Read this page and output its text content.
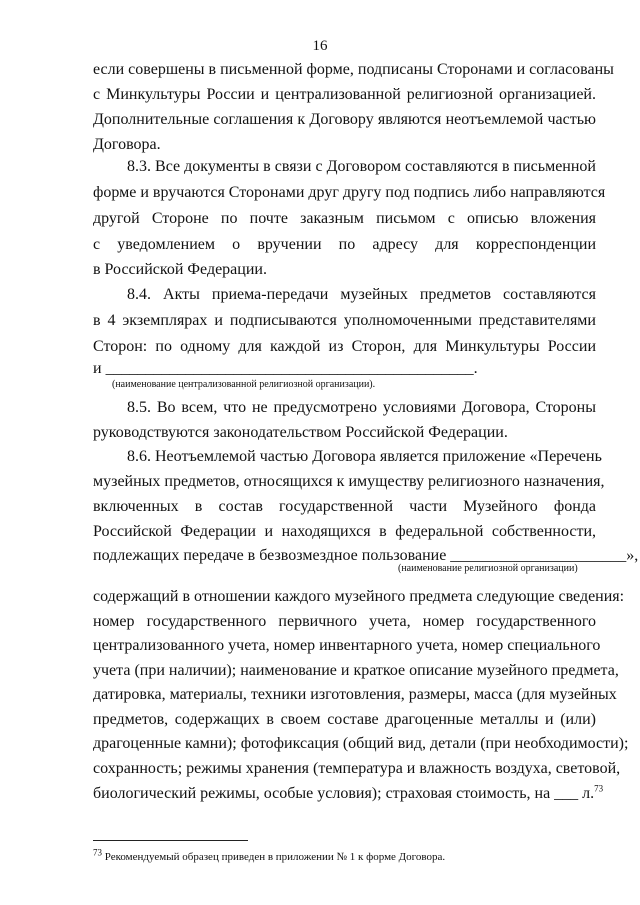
16
если совершены в письменной форме, подписаны Сторонами и согласованы
с Минкультуры России и централизованной религиозной организацией.
Дополнительные соглашения к Договору являются неотъемлемой частью
Договора.
8.3. Все документы в связи с Договором составляются в письменной
форме и вручаются Сторонами друг другу под подпись либо направляются
другой Стороне по почте заказным письмом с описью вложения
с уведомлением о вручении по адресу для корреспонденции
в Российской Федерации.
8.4. Акты приема-передачи музейных предметов составляются
в 4 экземплярах и подписываются уполномоченными представителями
Сторон: по одному для каждой из Сторон, для Минкультуры России
и ______________________________________________.
(наименование централизованной религиозной организации).
8.5. Во всем, что не предусмотрено условиями Договора, Стороны
руководствуются законодательством Российской Федерации.
8.6. Неотъемлемой частью Договора является приложение «Перечень
музейных предметов, относящихся к имуществу религиозного назначения,
включенных в состав государственной части Музейного фонда
Российской Федерации и находящихся в федеральной собственности,
подлежащих передаче в безвозмездное пользование ______________________»,
(наименование религиозной организации)
содержащий в отношении каждого музейного предмета следующие сведения:
номер государственного первичного учета, номер государственного
централизованного учета, номер инвентарного учета, номер специального
учета (при наличии); наименование и краткое описание музейного предмета,
датировка, материалы, техники изготовления, размеры, масса (для музейных
предметов, содержащих в своем составе драгоценные металлы и (или)
драгоценные камни); фотофиксация (общий вид, детали (при необходимости);
сохранность; режимы хранения (температура и влажность воздуха, световой,
биологический режимы, особые условия); страховая стоимость, на ___ л.$^{73}$
$^{73}$ Рекомендуемый образец приведен в приложении № 1 к форме Договора.
